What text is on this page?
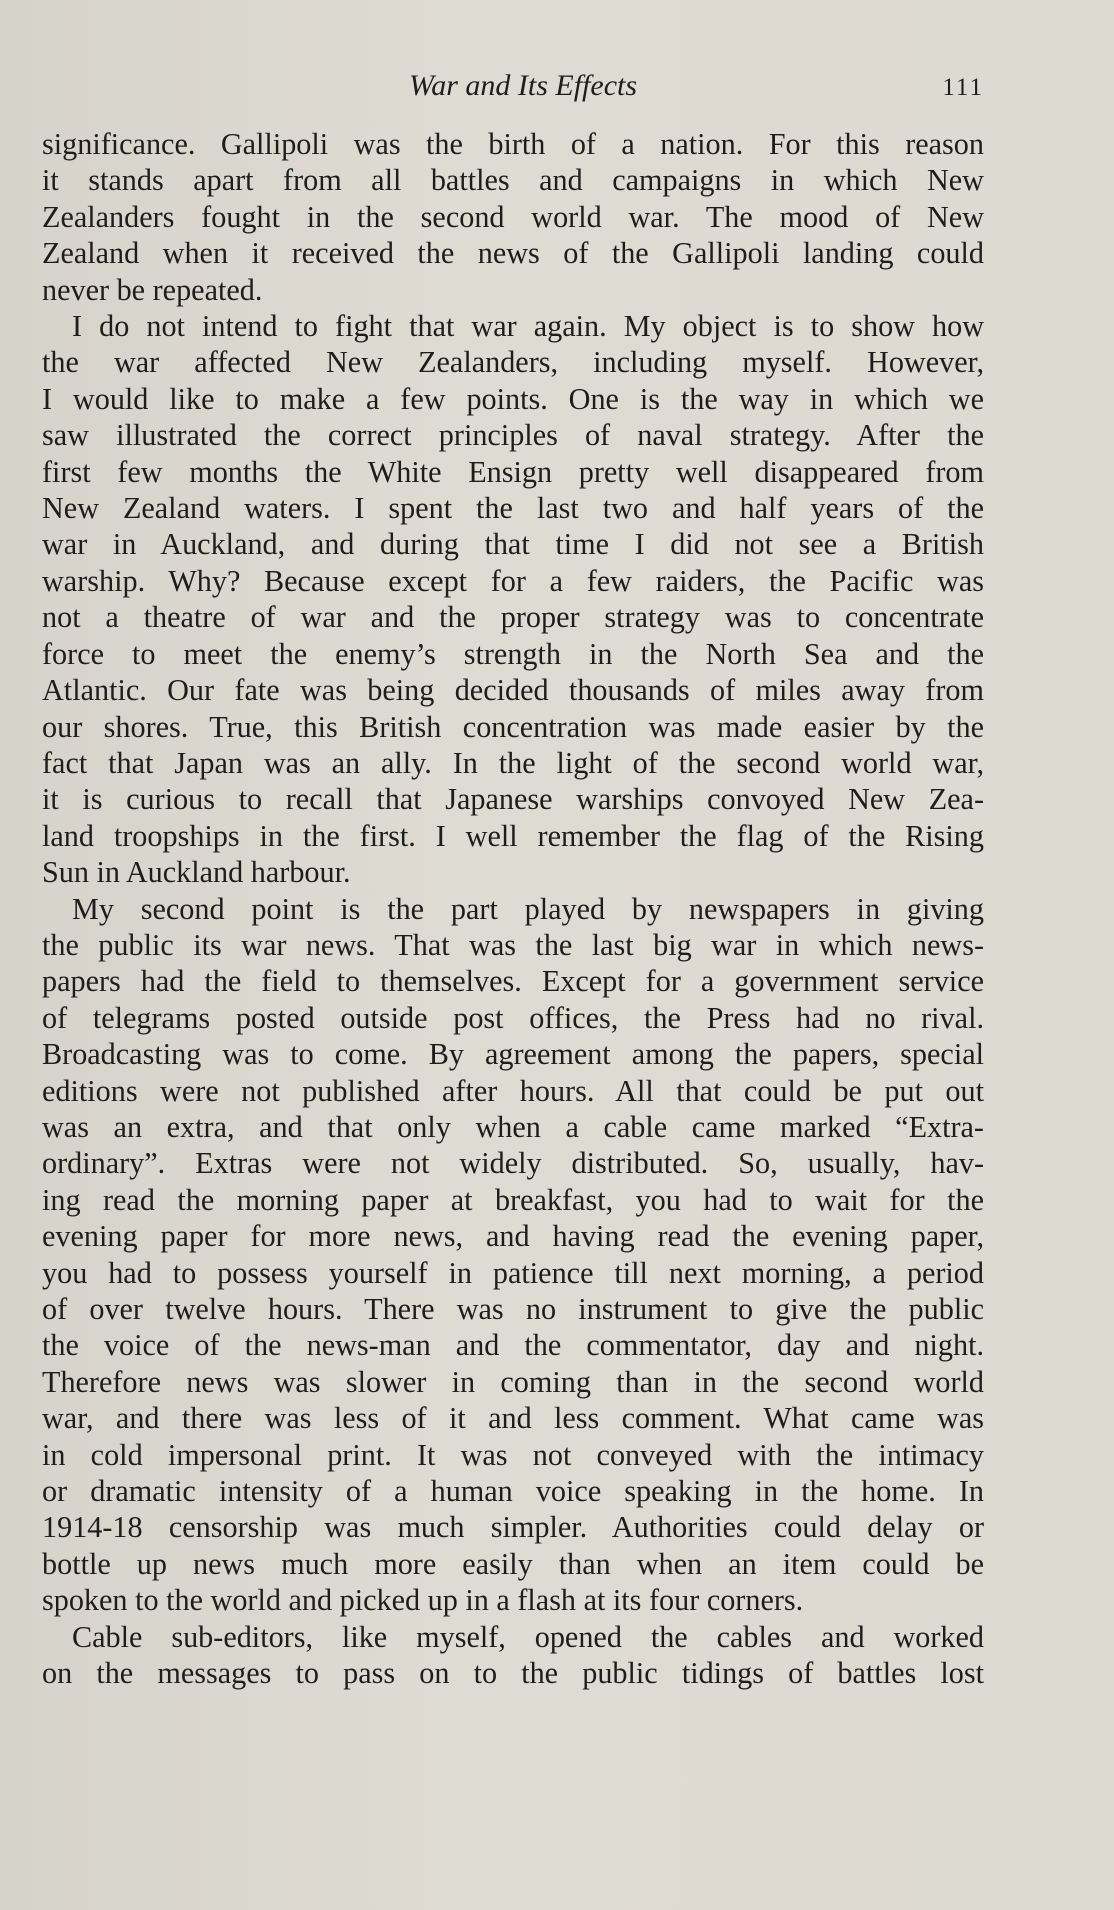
War and Its Effects	111
significance. Gallipoli was the birth of a nation. For this reason
it stands apart from all battles and campaigns in which New
Zealanders fought in the second world war. The mood of New
Zealand when it received the news of the Gallipoli landing could
never be repeated.
I do not intend to fight that war again. My object is to show how
the war affected New Zealanders, including myself. However,
I would like to make a few points. One is the way in which we
saw illustrated the correct principles of naval strategy. After the
first few months the White Ensign pretty well disappeared from
New Zealand waters. I spent the last two and half years of the
war in Auckland, and during that time I did not see a British
warship. Why? Because except for a few raiders, the Pacific was
not a theatre of war and the proper strategy was to concentrate
force to meet the enemy’s strength in the North Sea and the
Atlantic. Our fate was being decided thousands of miles away from
our shores. True, this British concentration was made easier by the
fact that Japan was an ally. In the light of the second world war,
it is curious to recall that Japanese warships convoyed New Zea-
land troopships in the first. I well remember the flag of the Rising
Sun in Auckland harbour.
My second point is the part played by newspapers in giving
the public its war news. That was the last big war in which news-
papers had the field to themselves. Except for a government service
of telegrams posted outside post offices, the Press had no rival.
Broadcasting was to come. By agreement among the papers, special
editions were not published after hours. All that could be put out
was an extra, and that only when a cable came marked “Extra-
ordinary”. Extras were not widely distributed. So, usually, hav-
ing read the morning paper at breakfast, you had to wait for the
evening paper for more news, and having read the evening paper,
you had to possess yourself in patience till next morning, a period
of over twelve hours. There was no instrument to give the public
the voice of the news-man and the commentator, day and night.
Therefore news was slower in coming than in the second world
war, and there was less of it and less comment. What came was
in cold impersonal print. It was not conveyed with the intimacy
or dramatic intensity of a human voice speaking in the home. In
1914-18 censorship was much simpler. Authorities could delay or
bottle up news much more easily than when an item could be
spoken to the world and picked up in a flash at its four corners.
Cable sub-editors, like myself, opened the cables and worked
on the messages to pass on to the public tidings of battles lost
